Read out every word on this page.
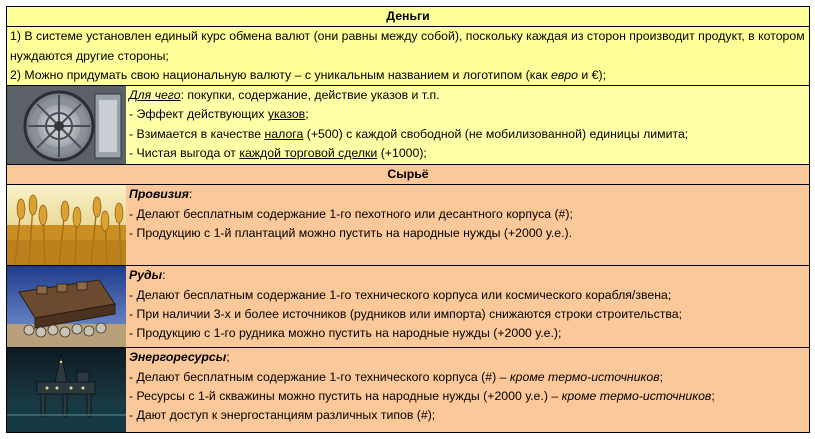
Деньги	

1) В системе установлен единый курс обмена валют (они равны между собой), поскольку каждая из сторон производит продукт, в котором нуждаются другие стороны;
2) Можно придумать свою национальную валюту – с уникальным названием и логотипом (как евро и €);	

Для чего: покупки, содержание, действие указов и т.п.
- Эффект действующих указов;
- Взимается в качестве налога (+500) с каждой свободной (не мобилизованной) единицы лимита;
- Чистая выгода от каждой торговой сделки (+1000);

Сырьё	

Провизия:
- Делают бесплатным содержание 1-го пехотного или десантного корпуса (#);
- Продукцию с 1-й плантаций можно пустить на народные нужды (+2000 у.е.).

Руды:
- Делают бесплатным содержание 1-го технического корпуса или космического корабля/звена;
- При наличии 3-х и более источников (рудников или импорта) снижаются строки строительства;
- Продукцию с 1-го рудника можно пустить на народные нужды (+2000 у.е.);

Энергоресурсы;
- Делают бесплатным содержание 1-го технического корпуса (#) – кроме термо-источников;
- Ресурсы с 1-й скважины можно пустить на народные нужды (+2000 у.е.) – кроме термо-источников;
- Дают доступ к энергостанциям различных типов (#);
